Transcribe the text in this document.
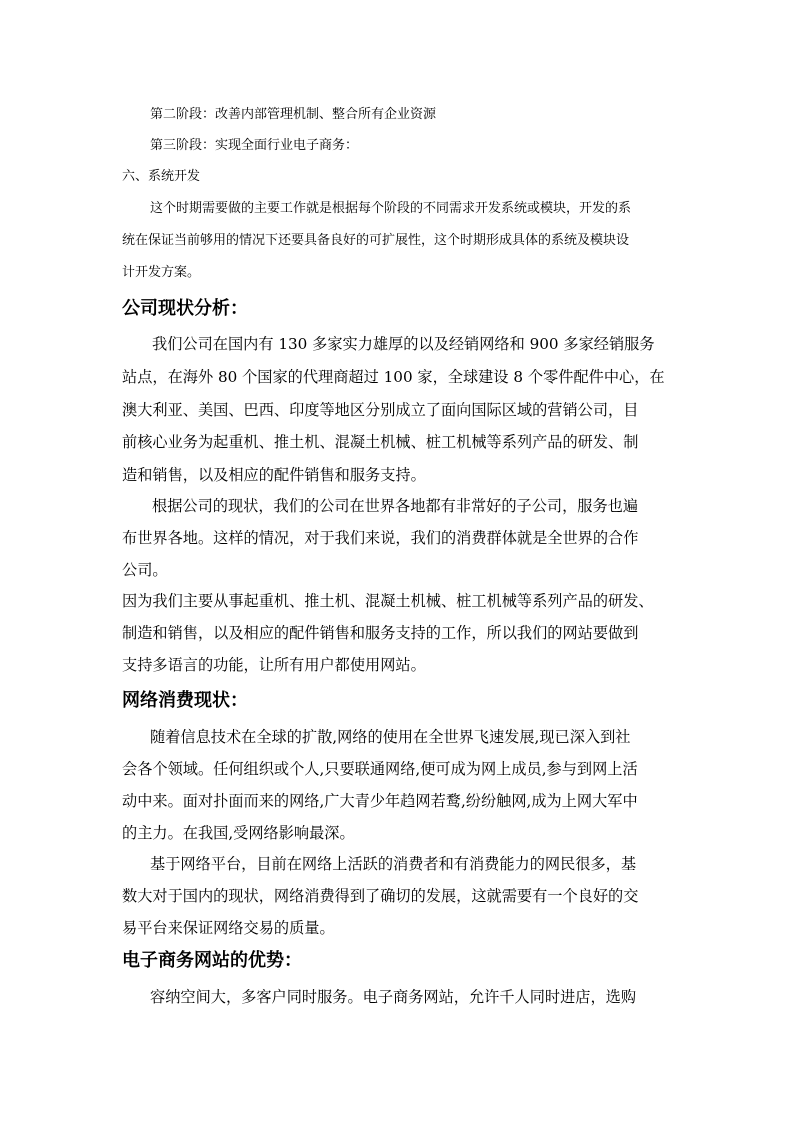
第二阶段：改善内部管理机制、整合所有企业资源
第三阶段：实现全面行业电子商务：
六、系统开发
这个时期需要做的主要工作就是根据每个阶段的不同需求开发系统或模块，开发的系
统在保证当前够用的情况下还要具备良好的可扩展性，这个时期形成具体的系统及模块设
计开发方案。
公司现状分析：
我们公司在国内有 130 多家实力雄厚的以及经销网络和 900 多家经销服务
站点，在海外 80 个国家的代理商超过 100 家，全球建设 8 个零件配件中心，在
澳大利亚、美国、巴西、印度等地区分别成立了面向国际区域的营销公司，目
前核心业务为起重机、推土机、混凝土机械、桩工机械等系列产品的研发、制
造和销售，以及相应的配件销售和服务支持。
根据公司的现状，我们的公司在世界各地都有非常好的子公司，服务也遍
布世界各地。这样的情况，对于我们来说，我们的消费群体就是全世界的合作
公司。
因为我们主要从事起重机、推土机、混凝土机械、桩工机械等系列产品的研发、
制造和销售，以及相应的配件销售和服务支持的工作，所以我们的网站要做到
支持多语言的功能，让所有用户都使用网站。
网络消费现状：
随着信息技术在全球的扩散,网络的使用在全世界飞速发展,现已深入到社
会各个领域。任何组织或个人,只要联通网络,便可成为网上成员,参与到网上活
动中来。面对扑面而来的网络,广大青少年趋网若鹜,纷纷触网,成为上网大军中
的主力。在我国,受网络影响最深。
基于网络平台，目前在网络上活跃的消费者和有消费能力的网民很多，基
数大对于国内的现状，网络消费得到了确切的发展，这就需要有一个良好的交
易平台来保证网络交易的质量。
电子商务网站的优势：
容纳空间大，多客户同时服务。电子商务网站，允许千人同时进店，选购
